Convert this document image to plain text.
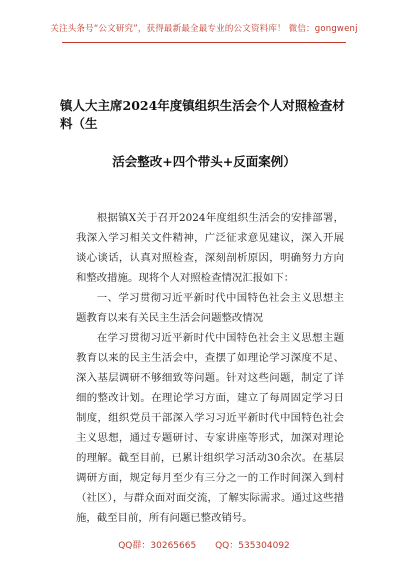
关注头条号“公文研究”，获得最新最全最专业的公文资料库！ 微信：gongwenj
镇人大主席2024年度镇组织生活会个人对照检查材料（生
活会整改+四个带头+反面案例）

根据镇X关于召开2024年度组织生活会的安排部署，我深入学习相关文件精神，广泛征求意见建议，深入开展谈心谈话，认真对照检查，深刻剖析原因，明确努力方向和整改措施。现将个人对照检查情况汇报如下：

一、学习贯彻习近平新时代中国特色社会主义思想主题教育以来有关民主生活会问题整改情况

在学习贯彻习近平新时代中国特色社会主义思想主题教育以来的民主生活会中，查摆了如理论学习深度不足、深入基层调研不够细致等问题。针对这些问题，制定了详细的整改计划。在理论学习方面，建立了每周固定学习日制度，组织党员干部深入学习习近平新时代中国特色社会主义思想，通过专题研讨、专家讲座等形式，加深对理论的理解。截至目前，已累计组织学习活动30余次。在基层调研方面，规定每月至少有三分之一的工作时间深入到村（社区），与群众面对面交流，了解实际需求。通过这些措施，截至目前，所有问题已整改销号。

QQ群：30265665 QQ：535304092
